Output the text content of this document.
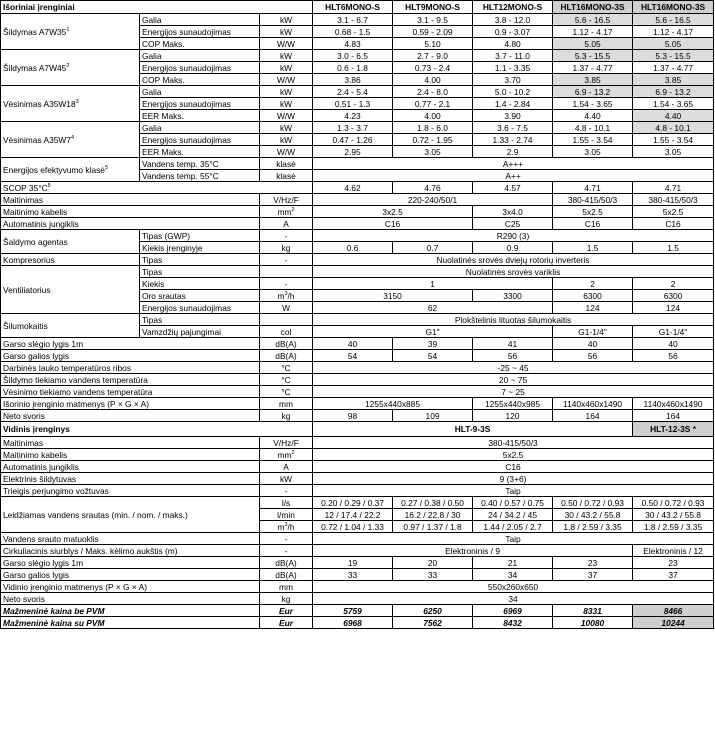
Išoriniai įrenginiai			HLT6MONO-S	HLT9MONO-S	HLT12MONO-S	HLT16MONO-3S	HLT16MONO-3S
Šildymas $A7W35^1$	Galia	kW	3.1 - 6.7	3.1 - 9.5	3.8 - 12.0	5.6 - 16.5	5.6 - 16.5
	Energijos sunaudojimas	kW	0.68 - 1.5	0.59 - 2.09	0.9 - 3.07	1.12 - 4.17	1.12 - 4.17
	COP Maks.	W/W	4.83	5.10	4.80	5.05	5.05
Šildymas $A7W45^2$	Galia	kW	3.0 - 6.5	2.7 - 9.0	3.7 - 11.0	5.3 - 15.5	5.3 - 15.5
	Energijos sunaudojimas	kW	0.6 - 1.8	0.73 - 2.4	1.1 - 3.35	1.37 - 4.77	1.37 - 4.77
	COP Maks.	W/W	3.86	4.00	3.70	3.85	3.85
Vėsinimas $A35W18^3$	Galia	kW	2.4 - 5.4	2.4 - 8.0	5.0 - 10.2	6.9 - 13.2	6.9 - 13.2
	Energijos sunaudojimas	kW	0.51 - 1.3	0.77 - 2.1	1.4 - 2.84	1.54 - 3.65	1.54 - 3.65
	EER Maks.	W/W	4.23	4.00	3.90	4.40	4.40
Vėsinimas $A35W7^4$	Galia	kW	1.3 - 3.7	1.8 - 6.0	3.6 - 7.5	4.8 - 10.1	4.8 - 10.1
	Energijos sunaudojimas	kW	0.47 - 1.26	0.72 - 1.95	1.33 - 2.74	1.55 - 3.54	1.55 - 3.54
	EER Maks.	W/W	2.95	3.05	2.9	3.05	3.05
Energijos efektyvumo klasė$^5$	Vandens temp. 35°C	klasė	A+++				
	Vandens temp. 55°C	klasė	A++				
SCOP $35^\circ C^5$			4.62	4.76	4.57	4.71	4.71
Maitinimas		V/Hz/F	220-240/50/1			380-415/50/3	380-415/50/3
Maitinimo kabelis		$mm^2$	3x2.5		3x4.0	5x2.5	5x2.5
Automatinis jungiklis		A	C16		C25	C16	C16
Šaldymo agentas	Tipas (GWP)	-	R290 (3)				
	Kiekis įrenginyje	kg	0.6	0.7	0.9	1.5	1.5
Kompresorius	Tipas	-	Nuolatinės srovės dviejų rotorių inverteris				
Ventiliatorius	Tipas		Nuolatinės srovės variklis				
	Kiekis	-	1			2	2
	Oro srautas	$m^3/h$	3150		3300	6300	6300
	Energijos sunaudojimas	W	62			124	124
Šilumokaitis	Tipas		Plokštelinis lituotas šilumokaitis				
	Vamzdžių pajungimai	col	G1"			G1-1/4"	G1-1/4"
Garso slėgio lygis 1m		dB(A)	40	39	41	40	40
Garso galios lygis		dB(A)	54	54	56	56	56
Darbinės lauko temperatūros ribos		°C	-25 ~ 45				
Šildymo tiekiamo vandens temperatūra		°C	20 ~ 75				
Vėsinimo tiekiamo vandens temperatūra		°C	7 ~ 25				
Išorinio įrenginio matmenys (P × G × A)		mm	1255x440x885		1255x440x985	1140x460x1490	1140x460x1490
Neto svoris		kg	98	109	120	164	164
Vidinis įrenginys			HLT-9-3S				HLT-12-3S *
Maitinimas		V/Hz/F	380-415/50/3				
Maitinimo kabelis		$mm^2$	5x2.5				
Automatinis jungiklis		A	C16				
Elektrinis šildytuvas		kW	9 (3+6)				
Trieigis perjungimo vožtuvas		-	Taip				
Leidžiamas vandens srautas (min. / nom. / maks.)		l/s	0.20 / 0.29 / 0.37	0.27 / 0.38 / 0.50	0.40 / 0.57 / 0.75	0.50 / 0.72 / 0.93	0.50 / 0.72 / 0.93
		l/min	12 / 17.4 / 22.2	16.2 / 22.8 / 30	24 / 34.2 / 45	30 / 43.2 / 55.8	30 / 43.2 / 55.8
		$m^3/h$	0.72 / 1.04 / 1.33	0.97 / 1.37 / 1.8	1.44 / 2.05 / 2.7	1.8 / 2.59 / 3.35	1.8 / 2.59 / 3.35
Vandens srauto matuoklis		-	Taip				
Cirkuliacinis siurblys / Maks. kėlimo aukštis (m)		-	Elektroninis / 9				Elektroninis / 12
Garso slėgio lygis 1m		dB(A)	19	20	21	23	23
Garso galios lygis		dB(A)	33	33	34	37	37
Vidinio įrenginio matmenys (P × G × A)		mm	550x260x650				
Neto svoris		kg	34				
Mažmeninė kaina be PVM		Eur	5759	6250	6969	8331	8466
Mažmeninė kaina su PVM		Eur	6968	7562	8432	10080	10244
